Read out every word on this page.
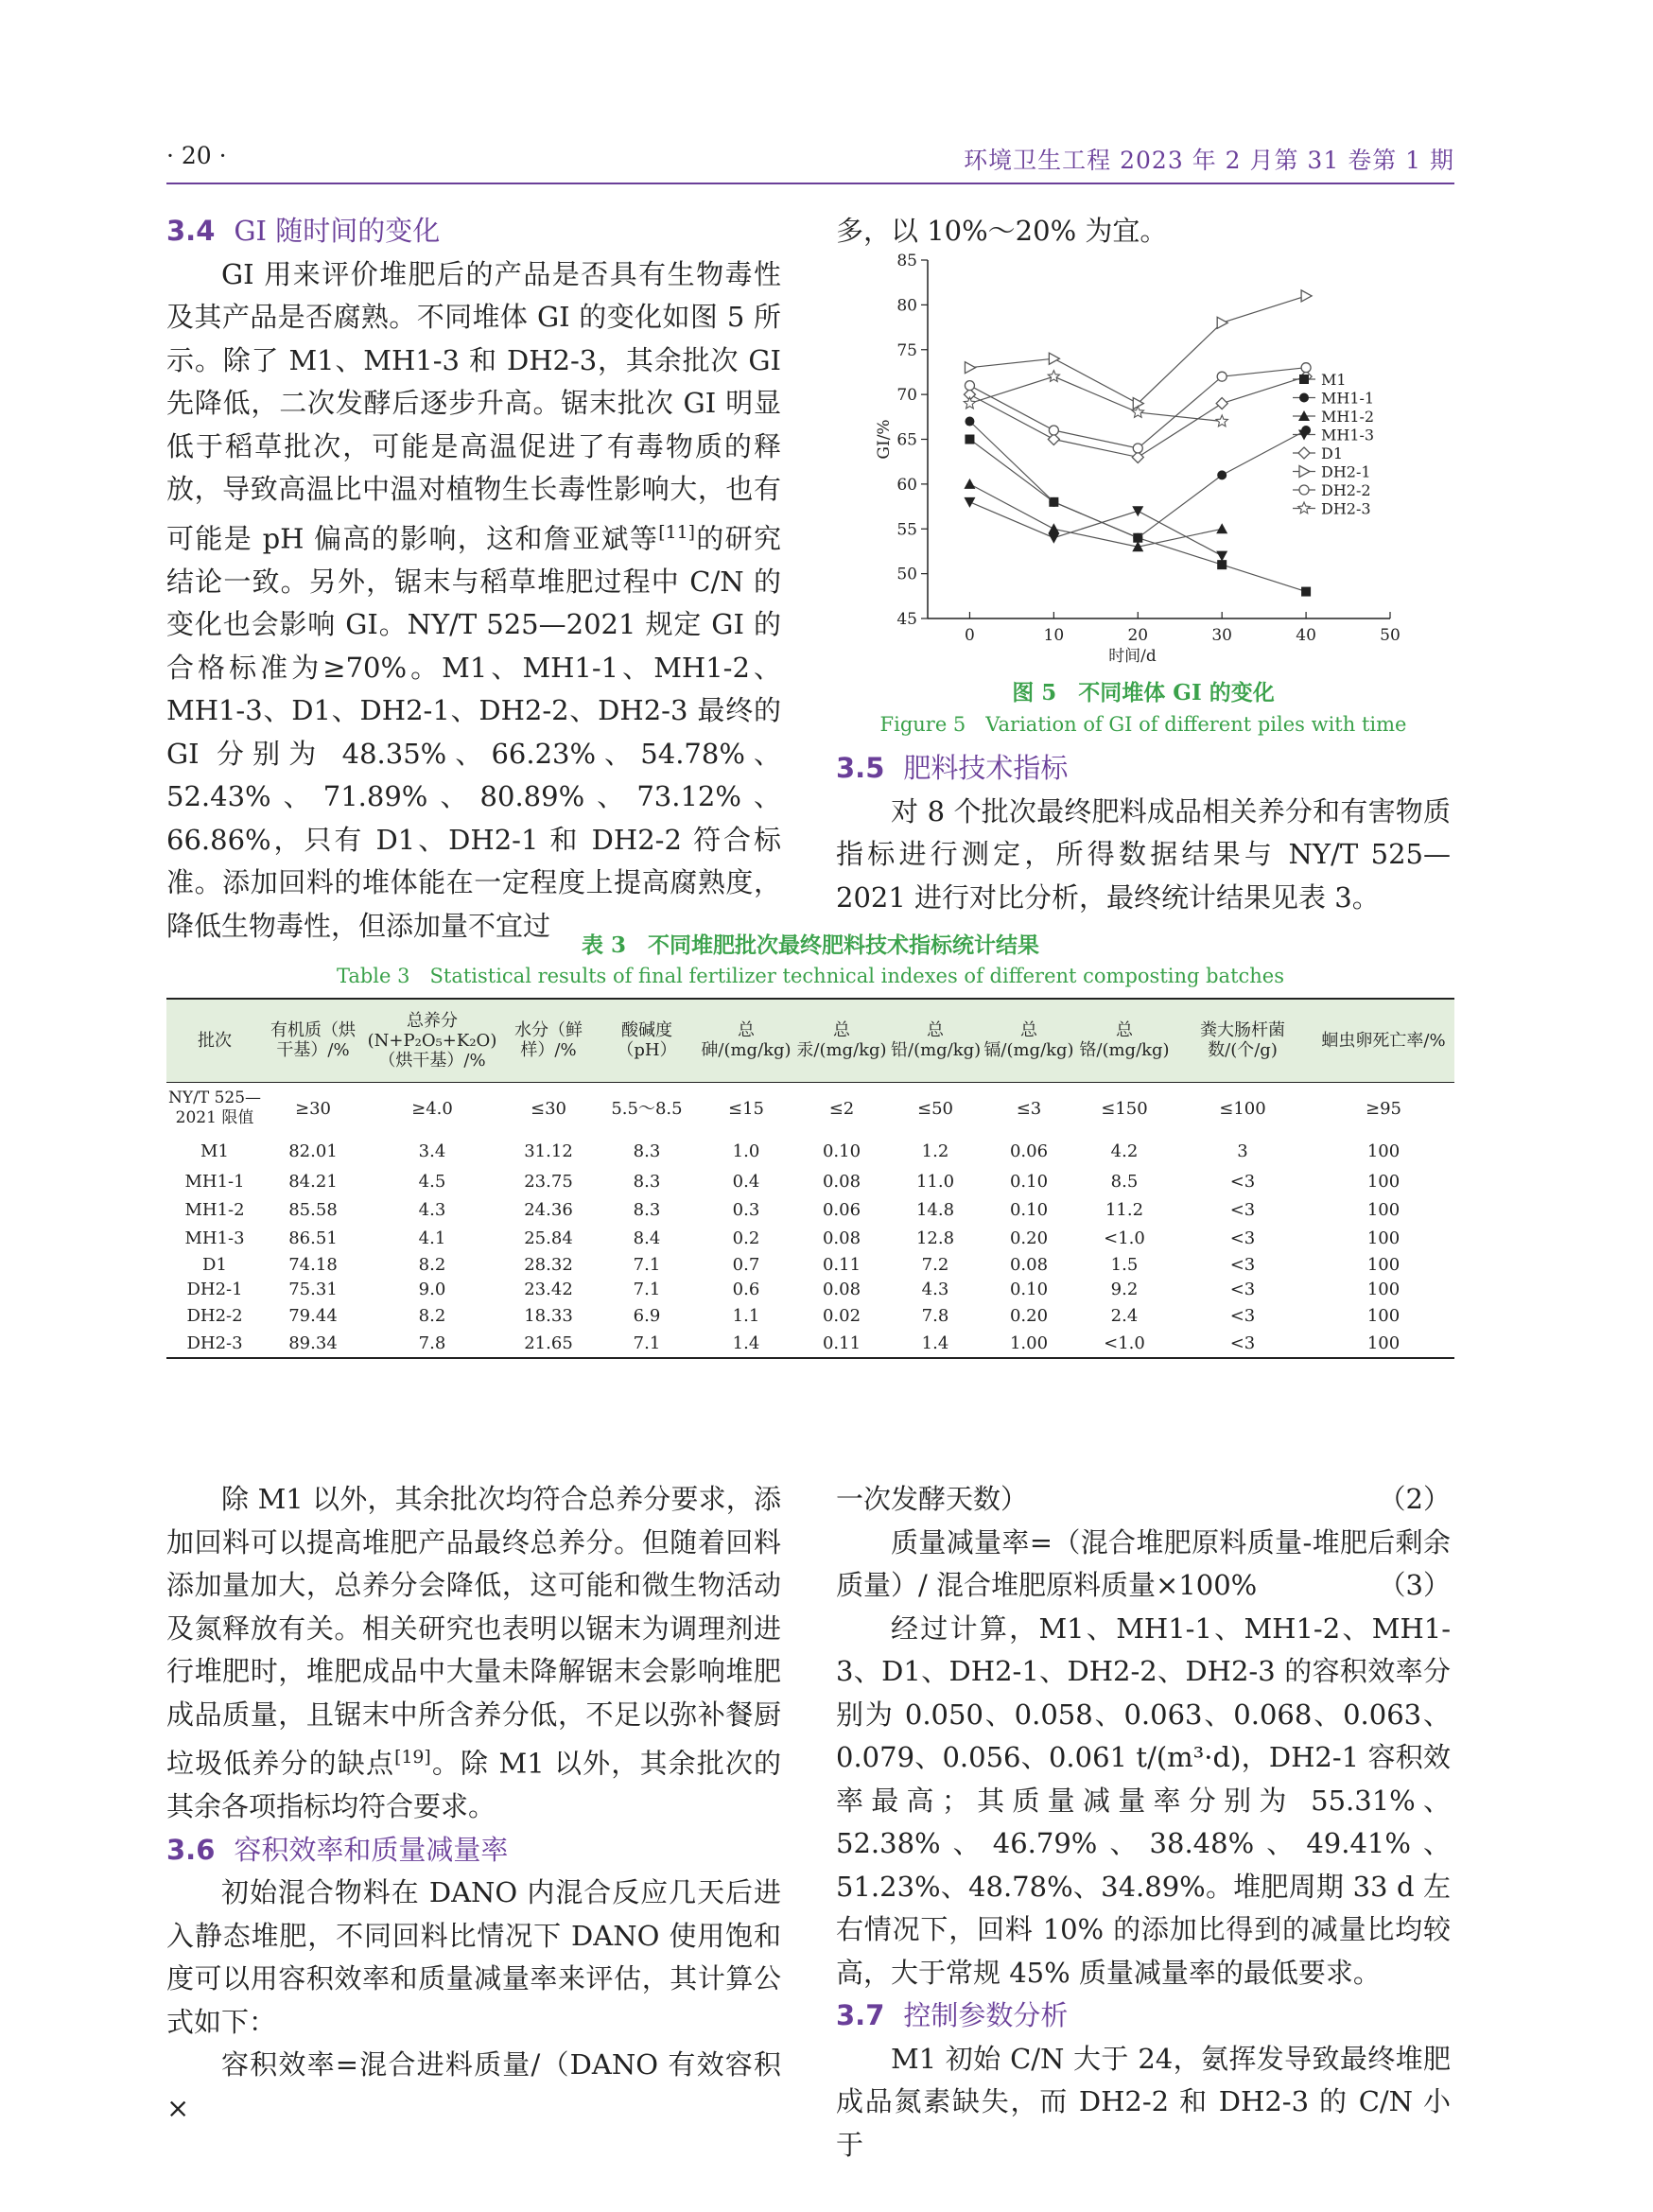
· 20 ·	环境卫生工程 2023 年 2 月第 31 卷第 1 期

3.4 GI 随时间的变化

GI 用来评价堆肥后的产品是否具有生物毒性及其产品是否腐熟。不同堆体 GI 的变化如图 5 所示。除了 M1、MH1-3 和 DH2-3，其余批次 GI 先降低，二次发酵后逐步升高。锯末批次 GI 明显低于稻草批次，可能是高温促进了有毒物质的释放，导致高温比中温对植物生长毒性影响大，也有可能是 pH 偏高的影响，这和詹亚斌等[11]的研究结论一致。另外，锯末与稻草堆肥过程中 C/N 的变化也会影响 GI。NY/T 525—2021 规定 GI 的合格标准为≥70%。M1、MH1-1、MH1-2、MH1-3、D1、DH2-1、DH2-2、DH2-3 最终的 GI 分别为 48.35%、66.23%、54.78%、52.43%、71.89%、80.89%、73.12%、66.86%，只有 D1、DH2-1 和 DH2-2 符合标准。添加回料的堆体能在一定程度上提高腐熟度，降低生物毒性，但添加量不宜过

多，以 10%～20% 为宜。

45
50
55
60
65
70
75
80
85
0	10	20	30	40	50
时间/d
GI/%
M1
MH1-1
MH1-2
MH1-3
D1
DH2-1
DH2-2
DH2-3
图 5　不同堆体 GI 的变化
Figure 5　Variation of GI of different piles with time

3.5 肥料技术指标

对 8 个批次最终肥料成品相关养分和有害物质指标进行测定，所得数据结果与 NY/T 525—2021 进行对比分析，最终统计结果见表 3。

表 3　不同堆肥批次最终肥料技术指标统计结果
Table 3　Statistical results of final fertilizer technical indexes of different composting batches
批次	有机质（烘干基）/%	总养分(N+P₂O₅+K₂O)（烘干基）/%	水分（鲜样）/%	酸碱度（pH）	总砷/(mg/kg)	总汞/(mg/kg)	总铅/(mg/kg)	总镉/(mg/kg)	总铬/(mg/kg)	粪大肠杆菌数/(个/g)	蛔虫卵死亡率/%
NY/T 525—2021 限值	≥30	≥4.0	≤30	5.5～8.5	≤15	≤2	≤50	≤3	≤150	≤100	≥95
M1	82.01	3.4	31.12	8.3	1.0	0.10	1.2	0.06	4.2	3	100
MH1-1	84.21	4.5	23.75	8.3	0.4	0.08	11.0	0.10	8.5	<3	100
MH1-2	85.58	4.3	24.36	8.3	0.3	0.06	14.8	0.10	11.2	<3	100
MH1-3	86.51	4.1	25.84	8.4	0.2	0.08	12.8	0.20	<1.0	<3	100
D1	74.18	8.2	28.32	7.1	0.7	0.11	7.2	0.08	1.5	<3	100
DH2-1	75.31	9.0	23.42	7.1	0.6	0.08	4.3	0.10	9.2	<3	100
DH2-2	79.44	8.2	18.33	6.9	1.1	0.02	7.8	0.20	2.4	<3	100
DH2-3	89.34	7.8	21.65	7.1	1.4	0.11	1.4	1.00	<1.0	<3	100

除 M1 以外，其余批次均符合总养分要求，添加回料可以提高堆肥产品最终总养分。但随着回料添加量加大，总养分会降低，这可能和微生物活动及氮释放有关。相关研究也表明以锯末为调理剂进行堆肥时，堆肥成品中大量未降解锯末会影响堆肥成品质量，且锯末中所含养分低，不足以弥补餐厨垃圾低养分的缺点[19]。除 M1 以外，其余批次的其余各项指标均符合要求。

3.6 容积效率和质量减量率

初始混合物料在 DANO 内混合反应几天后进入静态堆肥，不同回料比情况下 DANO 使用饱和度可以用容积效率和质量减量率来评估，其计算公式如下：

容积效率=混合进料质量/（DANO 有效容积×

一次发酵天数）	（2）

质量减量率=（混合堆肥原料质量-堆肥后剩余质量）/ 混合堆肥原料质量×100%	（3）

经过计算，M1、MH1-1、MH1-2、MH1-3、D1、DH2-1、DH2-2、DH2-3 的容积效率分别为 0.050、0.058、0.063、0.068、0.063、0.079、0.056、0.061 t/(m³·d)，DH2-1 容积效率最高；其质量减量率分别为 55.31%、52.38%、46.79%、38.48%、49.41%、51.23%、48.78%、34.89%。堆肥周期 33 d 左右情况下，回料 10% 的添加比得到的减量比均较高，大于常规 45% 质量减量率的最低要求。

3.7 控制参数分析

M1 初始 C/N 大于 24，氨挥发导致最终堆肥成品氮素缺失，而 DH2-2 和 DH2-3 的 C/N 小于
